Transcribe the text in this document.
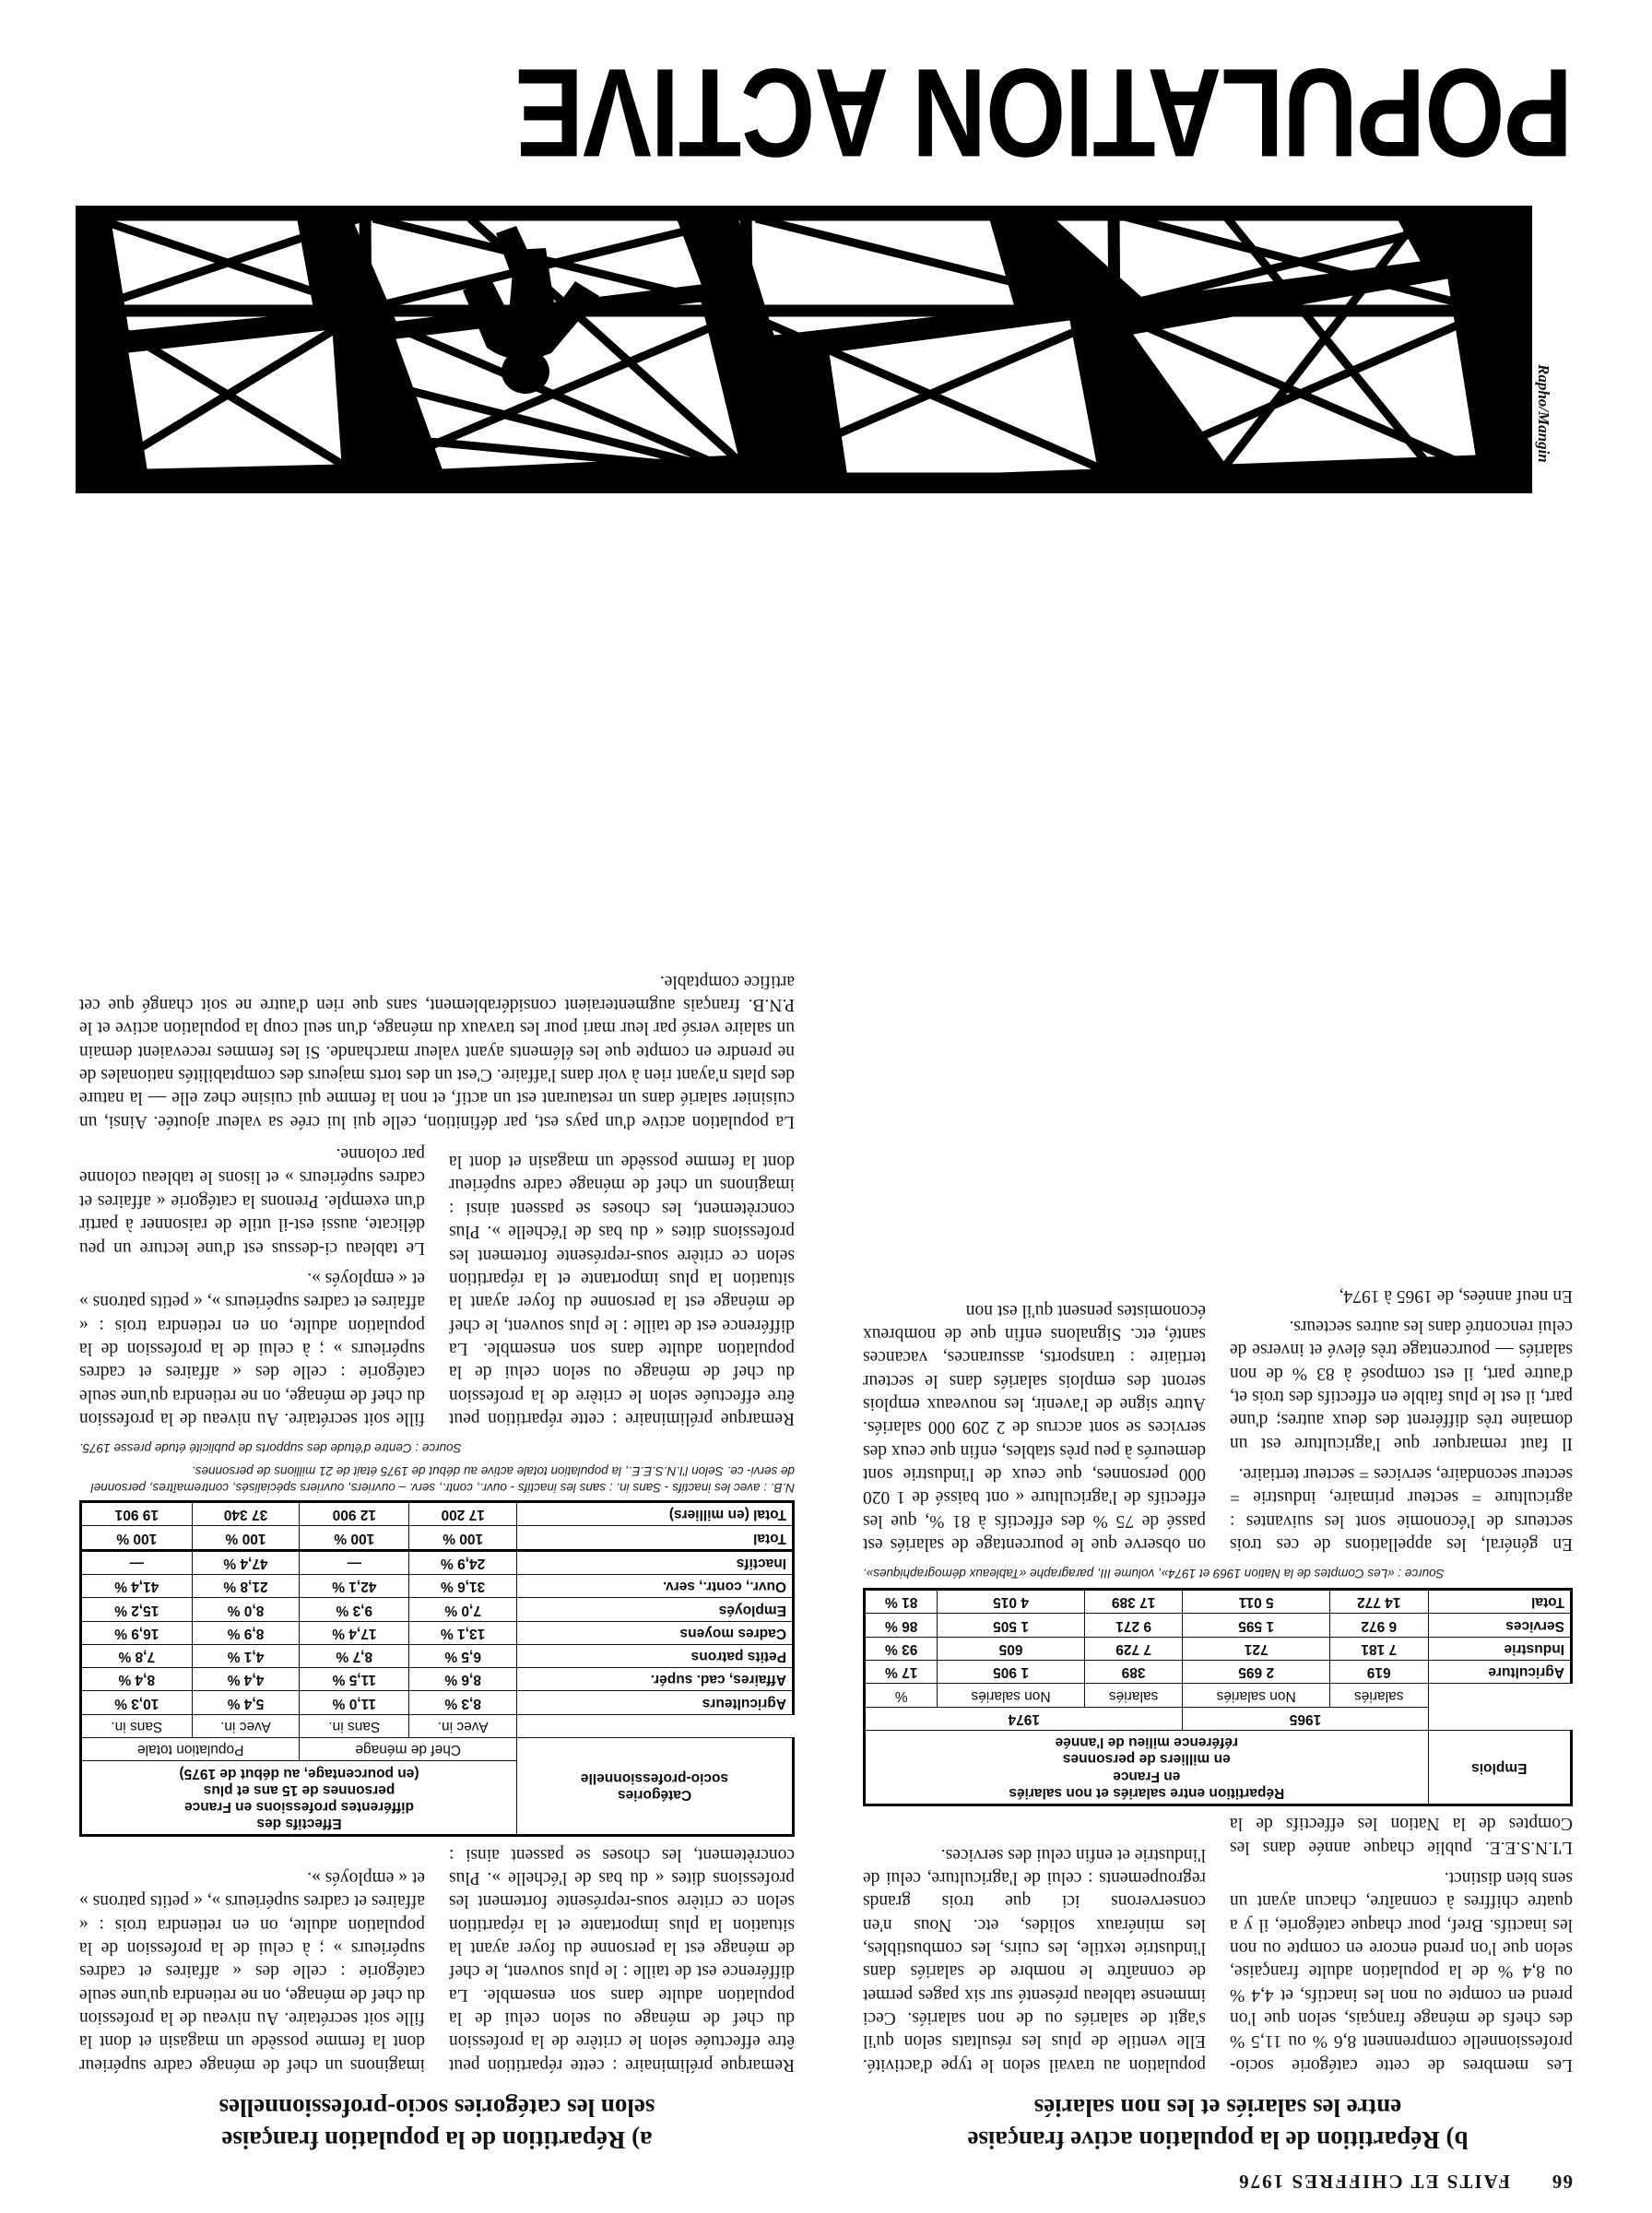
66FAITS ET CHIFFRES 1976
b) Répartition de la population active française
entre les salariés et les non salariés

Les membres de cette catégorie socio-professionnelle comprennent 8,6 % ou 11,5 % des chefs de ménage français, selon que l'on prend en compte ou non les inactifs, et 4,4 % ou 8,4 % de la population adulte française, selon que l'on prend encore en compte ou non les inactifs. Bref, pour chaque catégorie, il y a quatre chiffres à connaître, chacun ayant un sens bien distinct.

L'I.N.S.E.E. publie chaque année dans les Comptes de la Nation les effectifs de la population au travail selon le type d'activité. Elle ventile de plus les résultats selon qu'il s'agit de salariés ou de non salariés. Ceci immense tableau présenté sur six pages permet de connaître le nombre de salariés dans l'industrie textile, les cuirs, les combustibles, les minéraux solides, etc. Nous n'en conserverons ici que trois grands regroupements : celui de l'agriculture, celui de l'industrie et enfin celui des services.

Emplois	Répartition entre salariés et non salariés
en France
en milliers de personnes
référence milieu de l'année				
	1965		1974		
	salariés	Non salariés	salariés	Non salariés	%
Agriculture	619	2 695	389	1 905	17 %
Industrie	7 181	721	7 729	605	93 %
Services	6 972	1 595	9 271	1 505	86 %
Total	14 772	5 011	17 389	4 015	81 %

Source : «Les Comptes de la Nation 1969 et 1974», volume III, paragraphe «Tableaux démographiques».

En général, les appellations de ces trois secteurs de l'économie sont les suivantes : agriculture = secteur primaire, industrie = secteur secondaire, services = secteur tertiaire.

Il faut remarquer que l'agriculture est un domaine très différent des deux autres; d'une part, il est le plus faible en effectifs des trois et, d'autre part, il est composé à 83 % de non salariés — pourcentage très élevé et inverse de celui rencontré dans les autres secteurs.

En neuf années, de 1965 à 1974,

on observe que le pourcentage de salariés est passé de 75 % des effectifs à 81 %, que les effectifs de l'agriculture « ont baissé de 1 020 000 personnes, que ceux de l'industrie sont demeurés à peu près stables, enfin que ceux des services se sont accrus de 2 209 000 salariés. Autre signe de l'avenir, les nouveaux emplois seront des emplois salariés dans le secteur tertiaire : transports, assurances, vacances santé, etc. Signalons enfin que de nombreux économistes pensent qu'il est non

a) Répartition de la population française
selon les catégories socio-professionnelles

Remarque préliminaire : cette répartition peut être effectuée selon le critère de la profession du chef de ménage ou selon celui de la population adulte dans son ensemble. La différence est de taille : le plus souvent, le chef de ménage est la personne du foyer ayant la situation la plus importante et la répartition selon ce critère sous-représente fortement les professions dites « du bas de l'échelle ». Plus concrètement, les choses se passent ainsi : imaginons un chef de ménage cadre supérieur dont la femme possède un magasin et dont la fille soit secrétaire. Au niveau de la profession du chef de ménage, on ne retiendra qu'une seule catégorie : celle des « affaires et cadres supérieurs » ; à celui de la profession de la population adulte, on en retiendra trois : « affaires et cadres supérieurs », « petits patrons » et « employés ».

Catégories
socio-professionnelle	Effectifs des
différentes professions en France
personnes de 15 ans et plus
(en pourcentage, au début de 1975)			
	Chef de ménage		Population totale	
	Avec in.	Sans in.	Avec in.	Sans in.
Agriculteurs	8,3 %	11,0 %	5,4 %	10,3 %
Affaires, cad. supér.	8,6 %	11,5 %	4,4 %	8,4 %
Petits patrons	6,5 %	8,7 %	4,1 %	7,8 %
Cadres moyens	13,1 %	17,4 %	8,9 %	16,9 %
Employés	7,0 %	9,3 %	8,0 %	15,2 %
Ouvr., contr., serv.	31,6 %	42,1 %	21,8 %	41,4 %
Inactifs	24,9 %	—	47,4 %	—
Total	100 %	100 %	100 %	100 %
Total (en milliers)	17 200	12 900	37 340	19 901

N.B. : avec les inactifs - Sans in. : sans les inactifs - ouvr., contr., serv. – ouvriers, ouvriers spécialisés, contremaîtres, personnel de servi- ce. Selon l'I.N.S.E.E., la population totale active au début de 1975 était de 21 millions de personnes.

Source : Centre d'étude des supports de publicité étude presse 1975.

Remarque préliminaire : cette répartition peut être effectuée selon le critère de la profession du chef de ménage ou selon celui de la population adulte dans son ensemble. La différence est de taille : le plus souvent, le chef de ménage est la personne du foyer ayant la situation la plus importante et la répartition selon ce critère sous-représente fortement les professions dites « du bas de l'échelle ». Plus concrètement, les choses se passent ainsi : imaginons un chef de ménage cadre supérieur dont la femme possède un magasin et dont la fille soit secrétaire. Au niveau de la profession du chef de ménage, on ne retiendra qu'une seule catégorie : celle des « affaires et cadres supérieurs » ; à celui de la profession de la population adulte, on en retiendra trois : « affaires et cadres supérieurs », « petits patrons » et « employés ».

Le tableau ci-dessus est d'une lecture un peu délicate, aussi est-il utile de raisonner à partir d'un exemple. Prenons la catégorie « affaires et cadres supérieurs » et lisons le tableau colonne par colonne.

La population active d'un pays est, par définition, celle qui lui crée sa valeur ajoutée. Ainsi, un cuisinier salarié dans un restaurant est un actif, et non la femme qui cuisine chez elle — la nature des plats n'ayant rien à voir dans l'affaire. C'est un des torts majeurs des comptabilités nationales de ne prendre en compte que les éléments ayant valeur marchande. Si les femmes recevaient demain un salaire versé par leur mari pour les travaux du ménage, d'un seul coup la population active et le P.N.B. français augmenteraient considérablement, sans que rien d'autre ne soit changé que cet artifice comptable.

Rapho/Mangin
POPULATION ACTIVE
